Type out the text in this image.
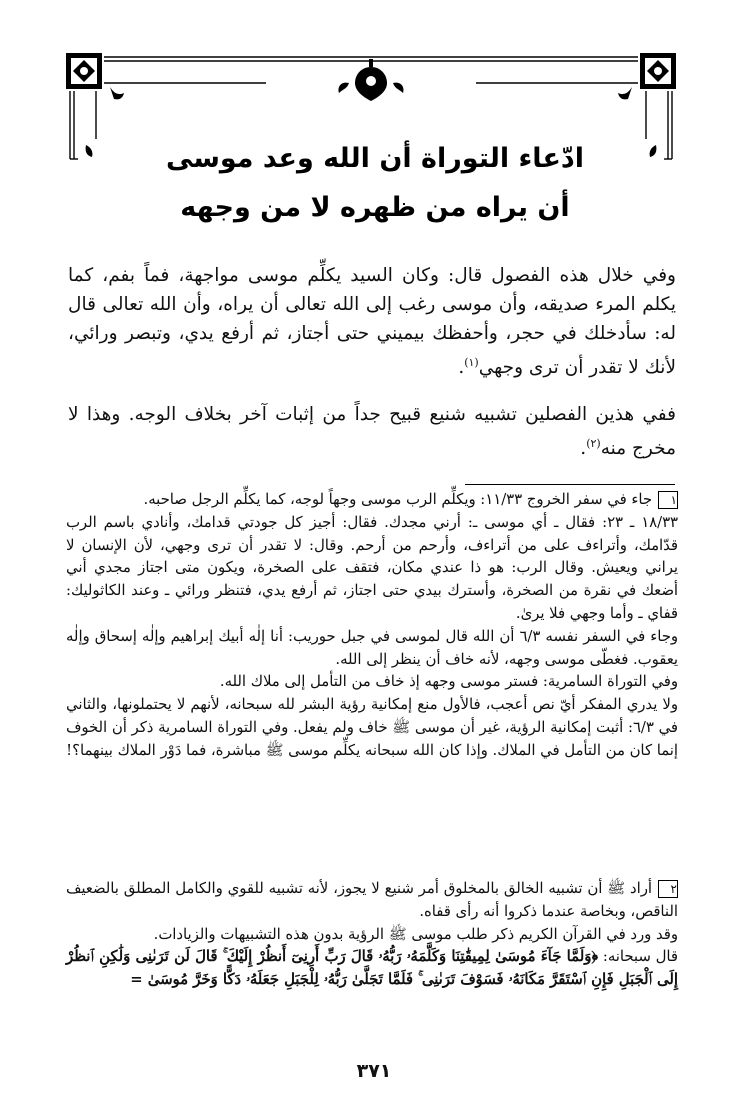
ادّعاء التوراة أن الله وعد موسى
أن يراه من ظهره لا من وجهه

وفي خلال هذه الفصول قال: وكان السيد يكلِّم موسى مواجهة، فماً بفم، كما يكلم المرء صديقه، وأن موسى رغب إلى الله تعالى أن يراه، وأن الله تعالى قال له: سأدخلك في حجر، وأحفظك بيميني حتى أجتاز، ثم أرفع يدي، وتبصر ورائي، لأنك لا تقدر أن ترى وجهي$^{(١)}$.

ففي هذين الفصلين تشبيه شنيع قبيح جداً من إثبات آخر بخلاف الوجه. وهذا لا مخرج منه$^{(٢)}$.

١جاء في سفر الخروج ١١/٣٣: ويكلِّم الرب موسى وجهاً لوجه، كما يكلِّم الرجل صاحبه.

١٨/٣٣ ـ ٢٣: فقال ـ أي موسى ـ: أرني مجدك. فقال: أجيز كل جودتي قدامك، وأنادي باسم الرب قدّامك، وأتراءف على من أتراءف، وأرحم من أرحم. وقال: لا تقدر أن ترى وجهي، لأن الإنسان لا يراني ويعيش. وقال الرب: هو ذا عندي مكان، فتقف على الصخرة، ويكون متى اجتاز مجدي أني أضعك في نقرة من الصخرة، وأسترك بيدي حتى اجتاز، ثم أرفع يدي، فتنظر ورائي ـ وعند الكاثوليك: قفاي ـ وأما وجهي فلا يرىٰ.

وجاء في السفر نفسه ٦/٣ أن الله قال لموسى في جبل حوريب: أنا إلٰه أبيك إبراهيم وإلٰه إسحاق وإلٰه يعقوب. فغطّى موسى وجهه، لأنه خاف أن ينظر إلى الله.

وفي التوراة السامرية: فستر موسى وجهه إذ خاف من التأمل إلى ملاك الله.

ولا يدري المفكر أيّ نص أعجب، فالأول منع إمكانية رؤية البشر لله سبحانه، لأنهم لا يحتملونها، والثاني في ٦/٣: أثبت إمكانية الرؤية، غير أن موسى ﷺ خاف ولم يفعل. وفي التوراة السامرية ذكر أن الخوف إنما كان من التأمل في الملاك. وإذا كان الله سبحانه يكلِّم موسى ﷺ مباشرة، فما دَوْر الملاك بينهما؟!

٢أراد ﷺ أن تشبيه الخالق بالمخلوق أمر شنيع لا يجوز، لأنه تشبيه للقوي والكامل المطلق بالضعيف الناقص، وبخاصة عندما ذكروا أنه رأى قفاه.

وقد ورد في القرآن الكريم ذكر طلب موسى ﷺ الرؤية بدون هذه التشبيهات والزيادات.

قال سبحانه: ﴿وَلَمَّا جَآءَ مُوسَىٰ لِمِيقَٰتِنَا وَكَلَّمَهُۥ رَبُّهُۥ قَالَ رَبِّ أَرِنِىٓ أَنظُرْ إِلَيْكَ ۚ قَالَ لَن تَرَىٰنِى وَلَٰكِنِ ٱنظُرْ إِلَى ٱلْجَبَلِ فَإِنِ ٱسْتَقَرَّ مَكَانَهُۥ فَسَوْفَ تَرَىٰنِى ۚ فَلَمَّا تَجَلَّىٰ رَبُّهُۥ لِلْجَبَلِ جَعَلَهُۥ دَكًّا وَخَرَّ مُوسَىٰ =

٣٧١
